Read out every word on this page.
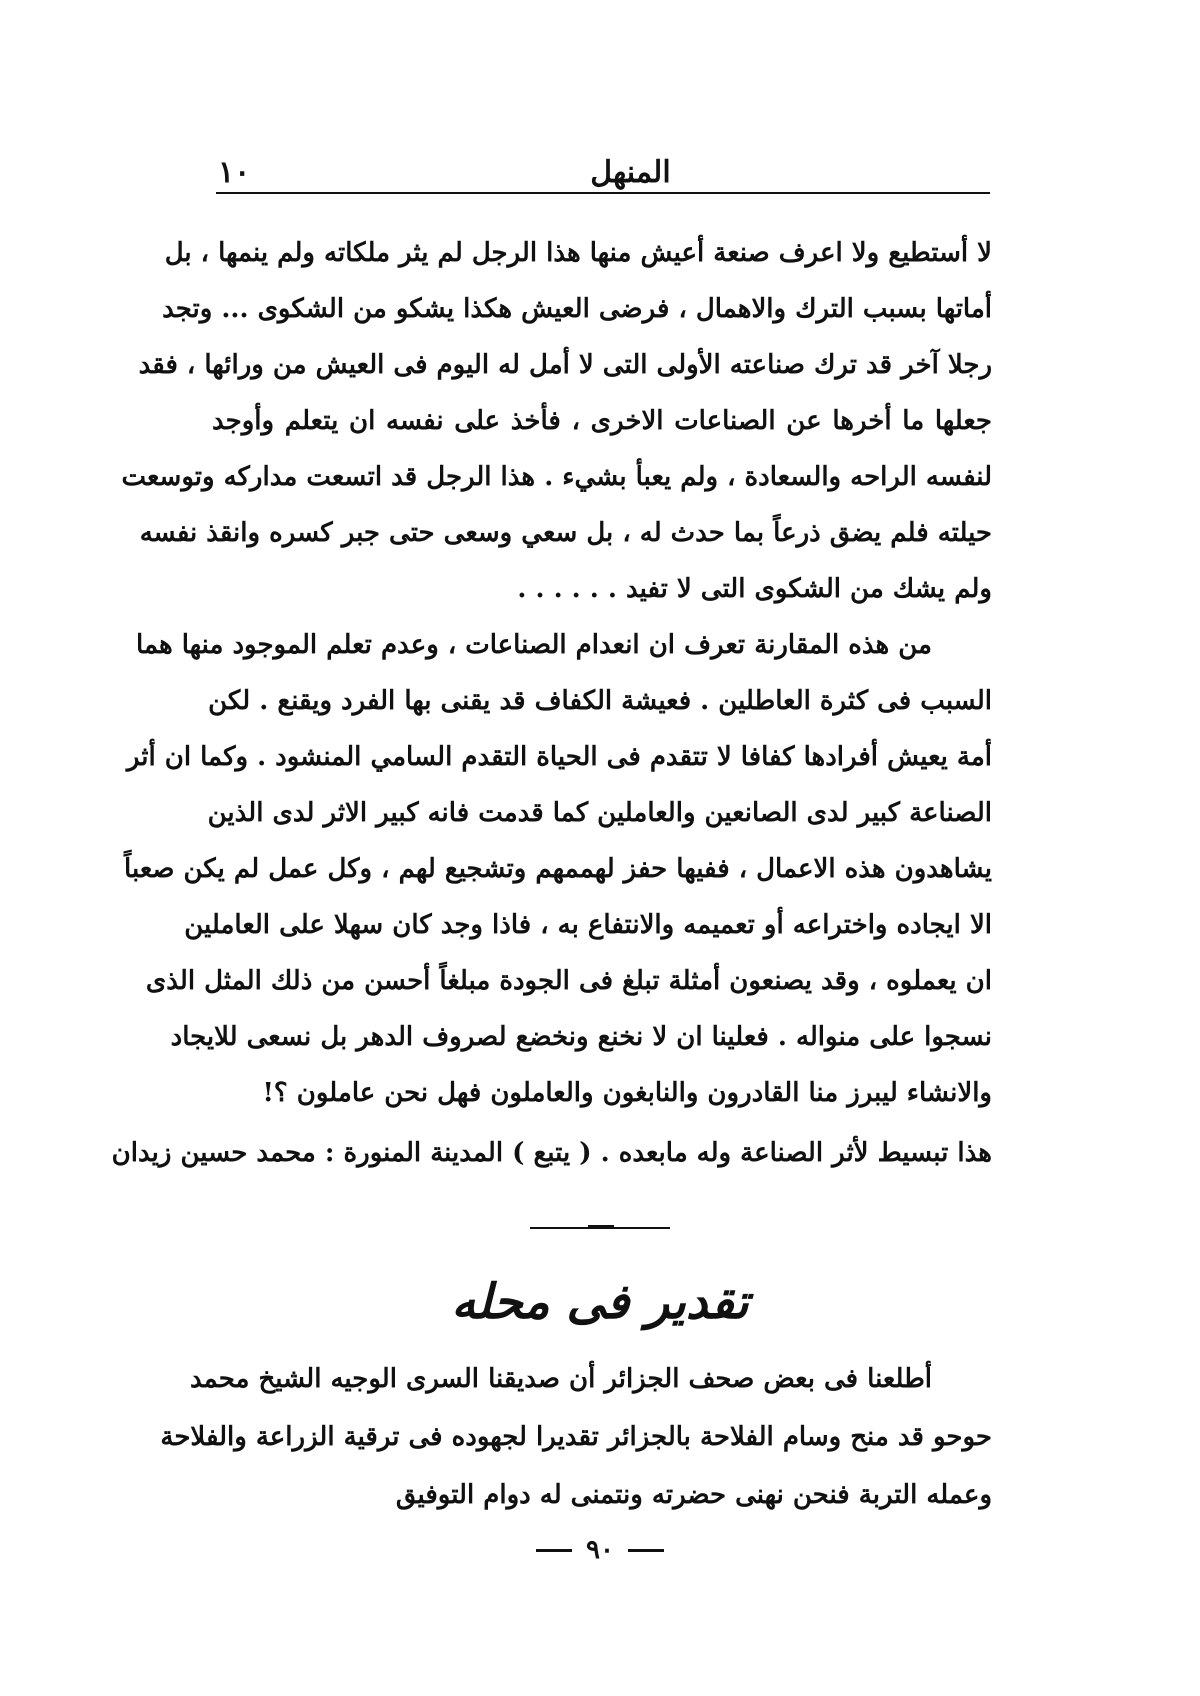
١٠	المنهل
لا أستطيع ولا اعرف صنعة أعيش منها هذا الرجل لم يثر ملكاته ولم ينمها ، بل
أماتها بسبب الترك والاهمال ، فرضى العيش هكذا يشكو من الشكوى ... وتجد
رجلا آخر قد ترك صناعته الأولى التى لا أمل له اليوم فى العيش من ورائها ، فقد
جعلها ما أخرها عن الصناعات الاخرى ، فأخذ على نفسه ان يتعلم وأوجد
لنفسه الراحه والسعادة ، ولم يعبأ بشيء . هذا الرجل قد اتسعت مداركه وتوسعت
حيلته فلم يضق ذرعاً بما حدث له ، بل سعي وسعى حتى جبر كسره وانقذ نفسه
ولم يشك من الشكوى التى لا تفيد . . . . . .
من هذه المقارنة تعرف ان انعدام الصناعات ، وعدم تعلم الموجود منها هما
السبب فى كثرة العاطلين . فعيشة الكفاف قد يقنى بها الفرد ويقنع . لكن
أمة يعيش أفرادها كفافا لا تتقدم فى الحياة التقدم السامي المنشود . وكما ان أثر
الصناعة كبير لدى الصانعين والعاملين كما قدمت فانه كبير الاثر لدى الذين
يشاهدون هذه الاعمال ، ففيها حفز لهممهم وتشجيع لهم ، وكل عمل لم يكن صعباً
الا ايجاده واختراعه أو تعميمه والانتفاع به ، فاذا وجد كان سهلا على العاملين
ان يعملوه ، وقد يصنعون أمثلة تبلغ فى الجودة مبلغاً أحسن من ذلك المثل الذى
نسجوا على منواله . فعلينا ان لا نخنع ونخضع لصروف الدهر بل نسعى للايجاد
والانشاء ليبرز منا القادرون والنابغون والعاملون فهل نحن عاملون ؟!
هذا تبسيط لأثر الصناعة وله مابعده . ( يتبع ) المدينة المنورة : محمد حسين زيدان
تقدير فى محله
أطلعنا فى بعض صحف الجزائر أن صديقنا السرى الوجيه الشيخ محمد
حوحو قد منح وسام الفلاحة بالجزائر تقديرا لجهوده فى ترقية الزراعة والفلاحة
وعمله التربة فنحن نهنى حضرته ونتمنى له دوام التوفيق
٩٠
